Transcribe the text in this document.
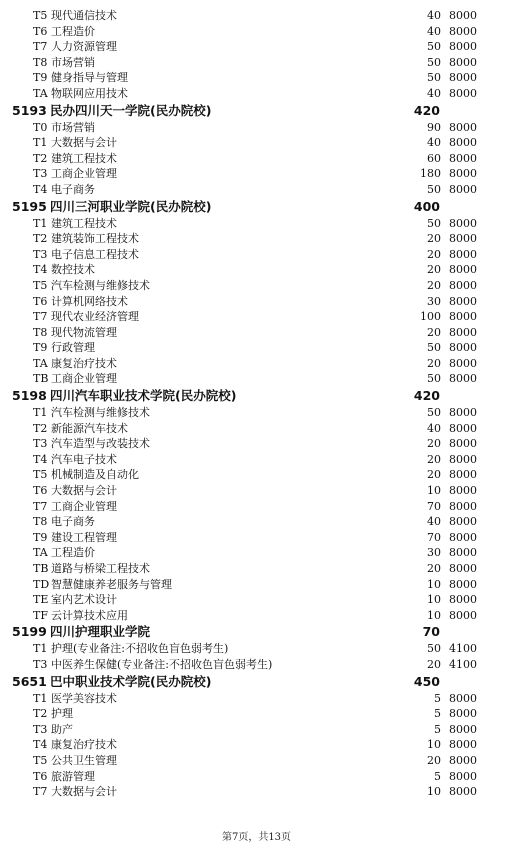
T5 现代通信技术	40 8000
T6 工程造价	40 8000
T7 人力资源管理	50 8000
T8 市场营销	50 8000
T9 健身指导与管理	50 8000
TA 物联网应用技术	40 8000
5193 民办四川天一学院(民办院校)	420
T0 市场营销	90 8000
T1 大数据与会计	40 8000
T2 建筑工程技术	60 8000
T3 工商企业管理	180 8000
T4 电子商务	50 8000
5195 四川三河职业学院(民办院校)	400
T1 建筑工程技术	50 8000
T2 建筑装饰工程技术	20 8000
T3 电子信息工程技术	20 8000
T4 数控技术	20 8000
T5 汽车检测与维修技术	20 8000
T6 计算机网络技术	30 8000
T7 现代农业经济管理	100 8000
T8 现代物流管理	20 8000
T9 行政管理	50 8000
TA 康复治疗技术	20 8000
TB 工商企业管理	50 8000
5198 四川汽车职业技术学院(民办院校)	420
T1 汽车检测与维修技术	50 8000
T2 新能源汽车技术	40 8000
T3 汽车造型与改装技术	20 8000
T4 汽车电子技术	20 8000
T5 机械制造及自动化	20 8000
T6 大数据与会计	10 8000
T7 工商企业管理	70 8000
T8 电子商务	40 8000
T9 建设工程管理	70 8000
TA 工程造价	30 8000
TB 道路与桥梁工程技术	20 8000
TD 智慧健康养老服务与管理	10 8000
TE 室内艺术设计	10 8000
TF 云计算技术应用	10 8000
5199 四川护理职业学院	70
T1 护理(专业备注:不招收色盲色弱考生)	50 4100
T3 中医养生保健(专业备注:不招收色盲色弱考生)	20 4100
5651 巴中职业技术学院(民办院校)	450
T1 医学美容技术	5 8000
T2 护理	5 8000
T3 助产	5 8000
T4 康复治疗技术	10 8000
T5 公共卫生管理	20 8000
T6 旅游管理	5 8000
T7 大数据与会计	10 8000
第7页，共13页
